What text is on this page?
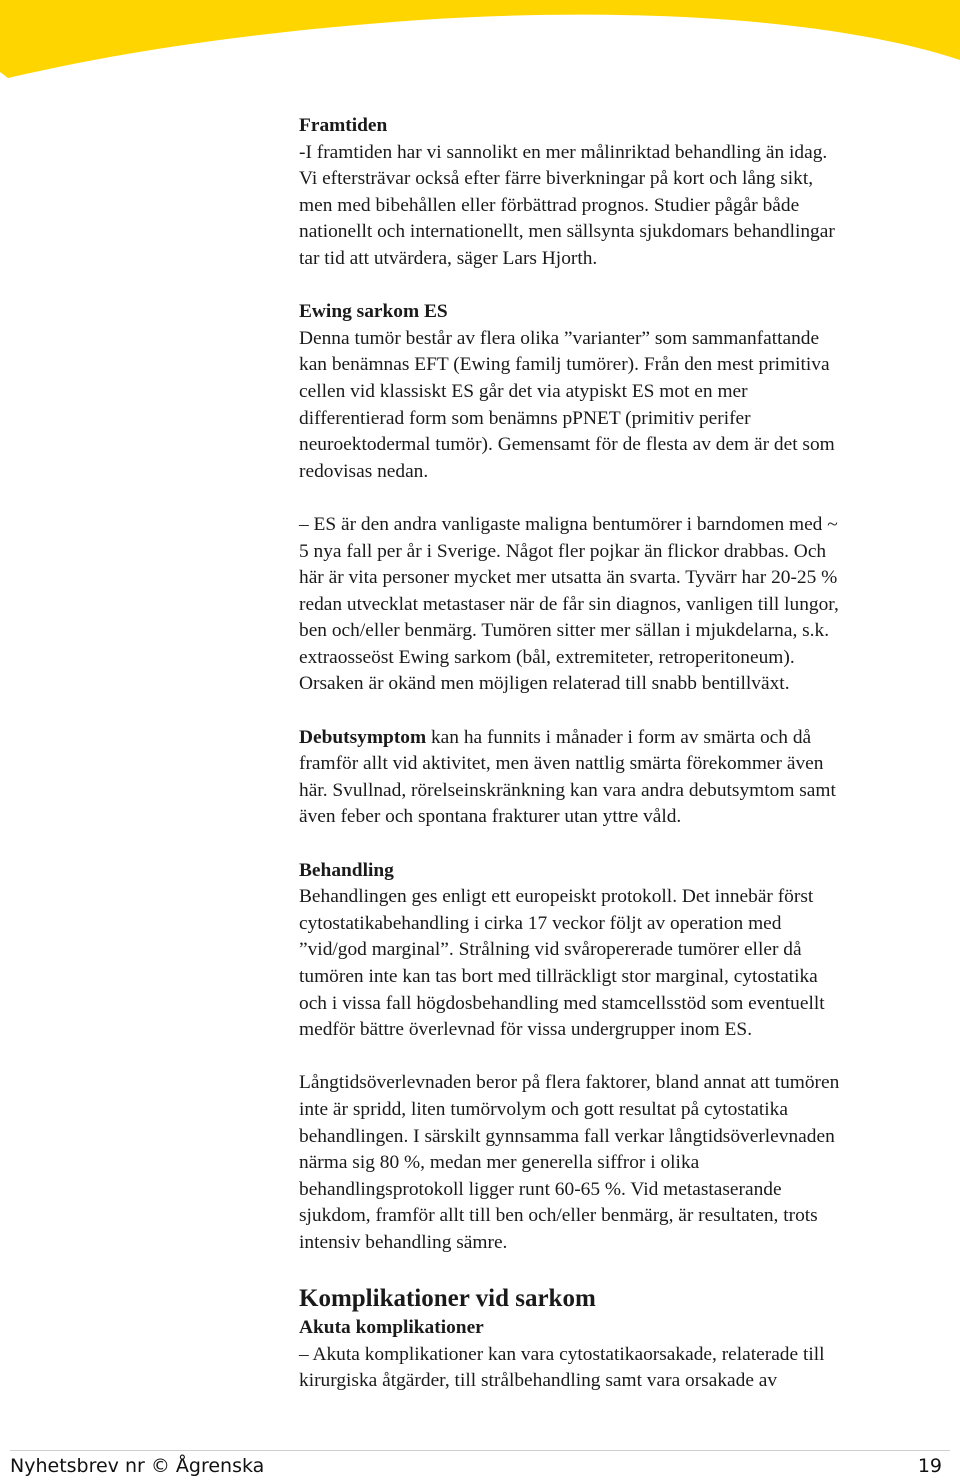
Framtiden

-I framtiden har vi sannolikt en mer målinriktad behandling än idag.

Vi eftersträvar också efter färre biverkningar på kort och lång sikt,

men med bibehållen eller förbättrad prognos. Studier pågår både

nationellt och internationellt, men sällsynta sjukdomars behandlingar

tar tid att utvärdera, säger Lars Hjorth.

Ewing sarkom ES

Denna tumör består av flera olika ”varianter” som sammanfattande

kan benämnas EFT (Ewing familj tumörer). Från den mest primitiva

cellen vid klassiskt ES går det via atypiskt ES mot en mer

differentierad form som benämns pPNET (primitiv perifer

neuroektodermal tumör). Gemensamt för de flesta av dem är det som

redovisas nedan.

– ES är den andra vanligaste maligna bentumörer i barndomen med ~

5 nya fall per år i Sverige. Något fler pojkar än flickor drabbas. Och

här är vita personer mycket mer utsatta än svarta. Tyvärr har 20-25 %

redan utvecklat metastaser när de får sin diagnos, vanligen till lungor,

ben och/eller benmärg. Tumören sitter mer sällan i mjukdelarna, s.k.

extraosseöst Ewing sarkom (bål, extremiteter, retroperitoneum).

Orsaken är okänd men möjligen relaterad till snabb bentillväxt.

Debutsymptom kan ha funnits i månader i form av smärta och då

framför allt vid aktivitet, men även nattlig smärta förekommer även

här. Svullnad, rörelseinskränkning kan vara andra debutsymtom samt

även feber och spontana frakturer utan yttre våld.

Behandling

Behandlingen ges enligt ett europeiskt protokoll. Det innebär först

cytostatikabehandling i cirka 17 veckor följt av operation med

”vid/god marginal”. Strålning vid svåropererade tumörer eller då

tumören inte kan tas bort med tillräckligt stor marginal, cytostatika

och i vissa fall högdosbehandling med stamcellsstöd som eventuellt

medför bättre överlevnad för vissa undergrupper inom ES.

Långtidsöverlevnaden beror på flera faktorer, bland annat att tumören

inte är spridd, liten tumörvolym och gott resultat på cytostatika

behandlingen. I särskilt gynnsamma fall verkar långtidsöverlevnaden

närma sig 80 %, medan mer generella siffror i olika

behandlingsprotokoll ligger runt 60-65 %. Vid metastaserande

sjukdom, framför allt till ben och/eller benmärg, är resultaten, trots

intensiv behandling sämre.

Komplikationer vid sarkom

Akuta komplikationer

– Akuta komplikationer kan vara cytostatikaorsakade, relaterade till

kirurgiska åtgärder, till strålbehandling samt vara orsakade av

Nyhetsbrev nr © Ågrenska	19
